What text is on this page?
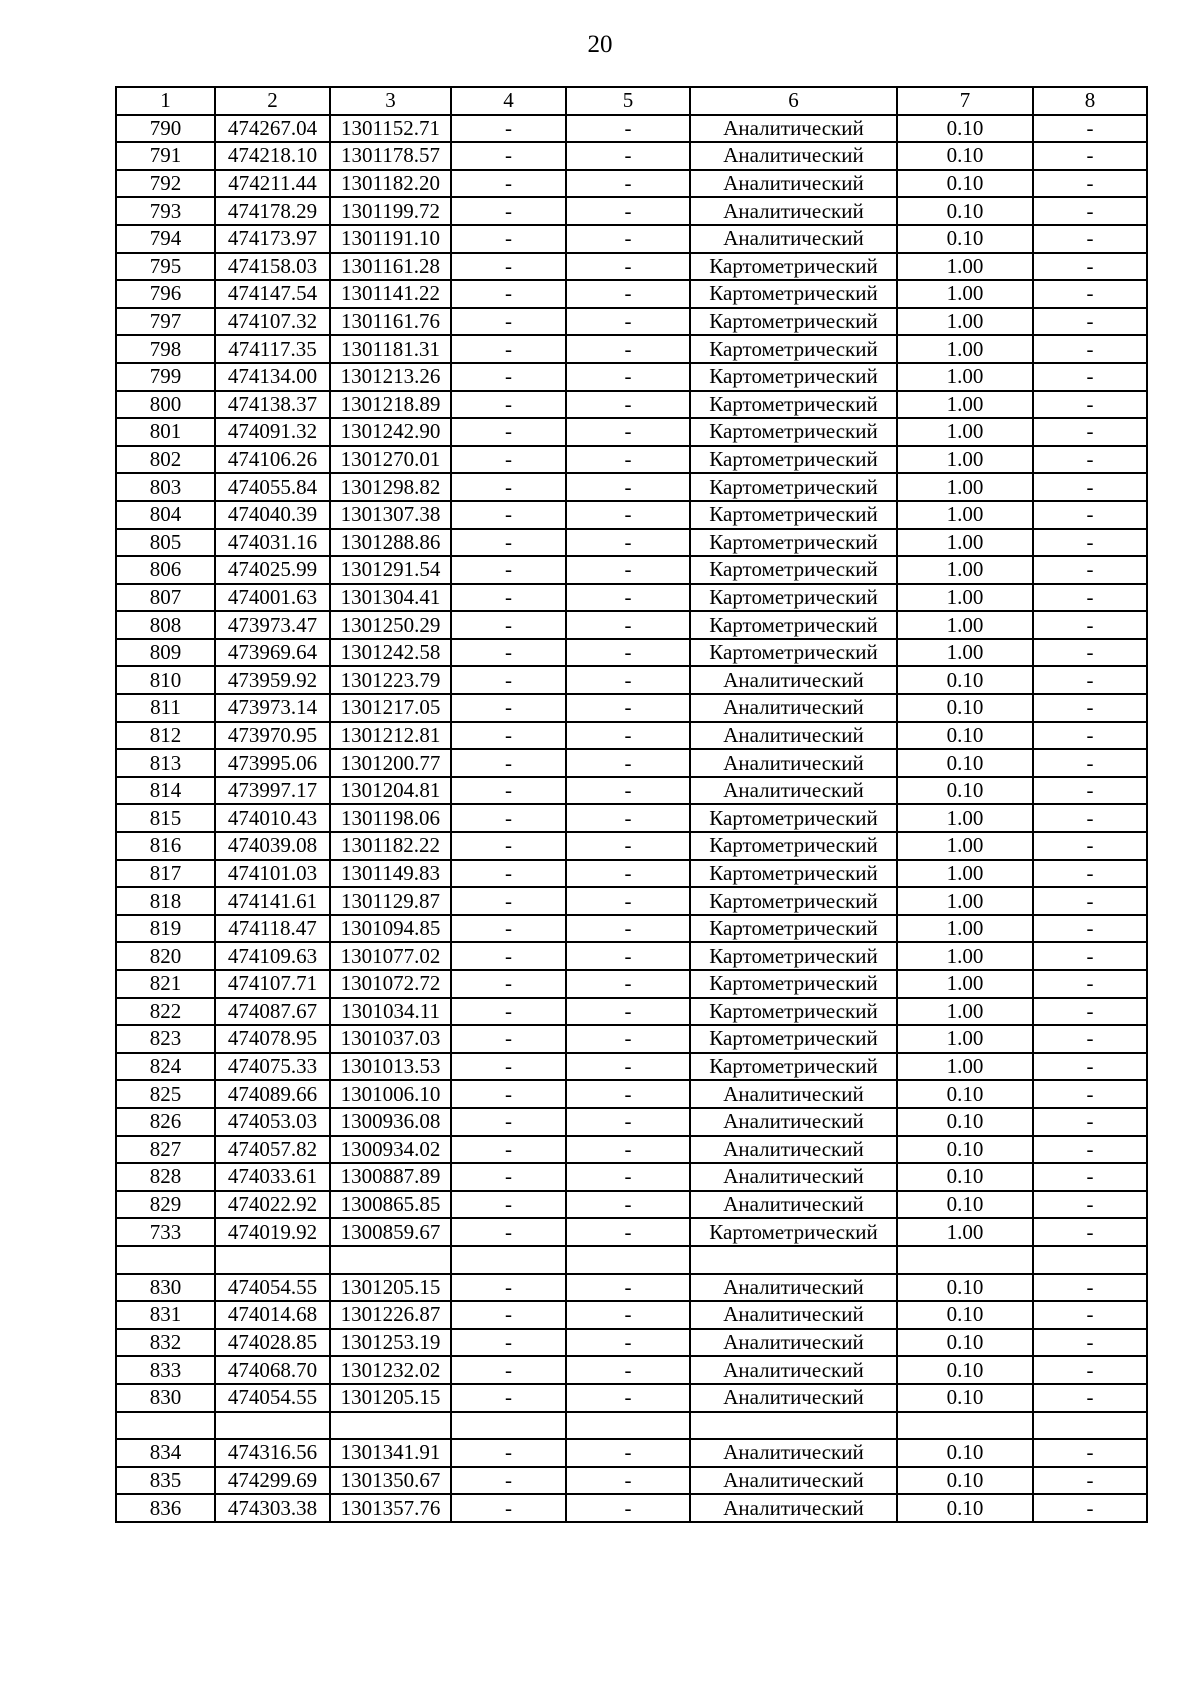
20
1	2	3	4	5	6	7	8
790	474267.04	1301152.71	-	-	Аналитический	0.10	-
791	474218.10	1301178.57	-	-	Аналитический	0.10	-
792	474211.44	1301182.20	-	-	Аналитический	0.10	-
793	474178.29	1301199.72	-	-	Аналитический	0.10	-
794	474173.97	1301191.10	-	-	Аналитический	0.10	-
795	474158.03	1301161.28	-	-	Картометрический	1.00	-
796	474147.54	1301141.22	-	-	Картометрический	1.00	-
797	474107.32	1301161.76	-	-	Картометрический	1.00	-
798	474117.35	1301181.31	-	-	Картометрический	1.00	-
799	474134.00	1301213.26	-	-	Картометрический	1.00	-
800	474138.37	1301218.89	-	-	Картометрический	1.00	-
801	474091.32	1301242.90	-	-	Картометрический	1.00	-
802	474106.26	1301270.01	-	-	Картометрический	1.00	-
803	474055.84	1301298.82	-	-	Картометрический	1.00	-
804	474040.39	1301307.38	-	-	Картометрический	1.00	-
805	474031.16	1301288.86	-	-	Картометрический	1.00	-
806	474025.99	1301291.54	-	-	Картометрический	1.00	-
807	474001.63	1301304.41	-	-	Картометрический	1.00	-
808	473973.47	1301250.29	-	-	Картометрический	1.00	-
809	473969.64	1301242.58	-	-	Картометрический	1.00	-
810	473959.92	1301223.79	-	-	Аналитический	0.10	-
811	473973.14	1301217.05	-	-	Аналитический	0.10	-
812	473970.95	1301212.81	-	-	Аналитический	0.10	-
813	473995.06	1301200.77	-	-	Аналитический	0.10	-
814	473997.17	1301204.81	-	-	Аналитический	0.10	-
815	474010.43	1301198.06	-	-	Картометрический	1.00	-
816	474039.08	1301182.22	-	-	Картометрический	1.00	-
817	474101.03	1301149.83	-	-	Картометрический	1.00	-
818	474141.61	1301129.87	-	-	Картометрический	1.00	-
819	474118.47	1301094.85	-	-	Картометрический	1.00	-
820	474109.63	1301077.02	-	-	Картометрический	1.00	-
821	474107.71	1301072.72	-	-	Картометрический	1.00	-
822	474087.67	1301034.11	-	-	Картометрический	1.00	-
823	474078.95	1301037.03	-	-	Картометрический	1.00	-
824	474075.33	1301013.53	-	-	Картометрический	1.00	-
825	474089.66	1301006.10	-	-	Аналитический	0.10	-
826	474053.03	1300936.08	-	-	Аналитический	0.10	-
827	474057.82	1300934.02	-	-	Аналитический	0.10	-
828	474033.61	1300887.89	-	-	Аналитический	0.10	-
829	474022.92	1300865.85	-	-	Аналитический	0.10	-
733	474019.92	1300859.67	-	-	Картометрический	1.00	-

830	474054.55	1301205.15	-	-	Аналитический	0.10	-
831	474014.68	1301226.87	-	-	Аналитический	0.10	-
832	474028.85	1301253.19	-	-	Аналитический	0.10	-
833	474068.70	1301232.02	-	-	Аналитический	0.10	-
830	474054.55	1301205.15	-	-	Аналитический	0.10	-

834	474316.56	1301341.91	-	-	Аналитический	0.10	-
835	474299.69	1301350.67	-	-	Аналитический	0.10	-
836	474303.38	1301357.76	-	-	Аналитический	0.10	-
